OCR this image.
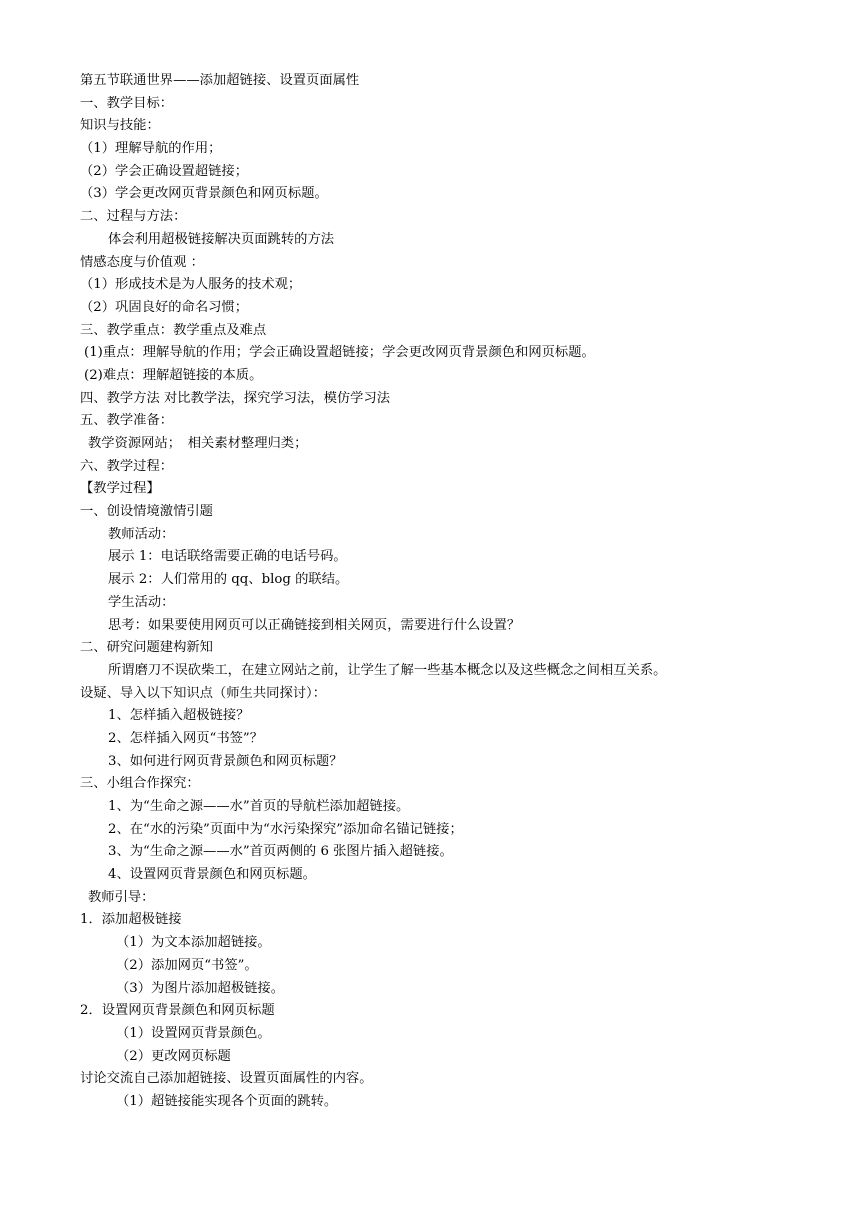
第五节联通世界——添加超链接、设置页面属性
一、教学目标：
知识与技能：
（1）理解导航的作用；
（2）学会正确设置超链接；
（3）学会更改网页背景颜色和网页标题。
二、过程与方法：
体会利用超极链接解决页面跳转的方法
情感态度与价值观 ：
（1）形成技术是为人服务的技术观；
（2）巩固良好的命名习惯；
三、教学重点：教学重点及难点
(1)重点：理解导航的作用；学会正确设置超链接；学会更改网页背景颜色和网页标题。
(2)难点：理解超链接的本质。
四、教学方法 对比教学法，探究学习法，模仿学习法
五、教学准备：
教学资源网站；　相关素材整理归类；
六、教学过程：
【教学过程】
一、创设情境激情引题
教师活动：
展示 1：电话联络需要正确的电话号码。
展示 2：人们常用的 qq、blog 的联结。
学生活动：
思考：如果要使用网页可以正确链接到相关网页，需要进行什么设置？
二、研究问题建构新知
所谓磨刀不误砍柴工，在建立网站之前，让学生了解一些基本概念以及这些概念之间相互关系。
设疑、导入以下知识点（师生共同探讨）：
1、怎样插入超极链接？
2、怎样插入网页“书签”？
3、如何进行网页背景颜色和网页标题？
三、小组合作探究：
1、为“生命之源——水”首页的导航栏添加超链接。
2、在“水的污染”页面中为“水污染探究”添加命名锚记链接；
3、为“生命之源——水”首页两侧的 6 张图片插入超链接。
4、设置网页背景颜色和网页标题。
教师引导：
1．添加超极链接
（1）为文本添加超链接。
（2）添加网页“书签”。
（3）为图片添加超极链接。
2．设置网页背景颜色和网页标题
（1）设置网页背景颜色。
（2）更改网页标题
讨论交流自己添加超链接、设置页面属性的内容。
（1）超链接能实现各个页面的跳转。
